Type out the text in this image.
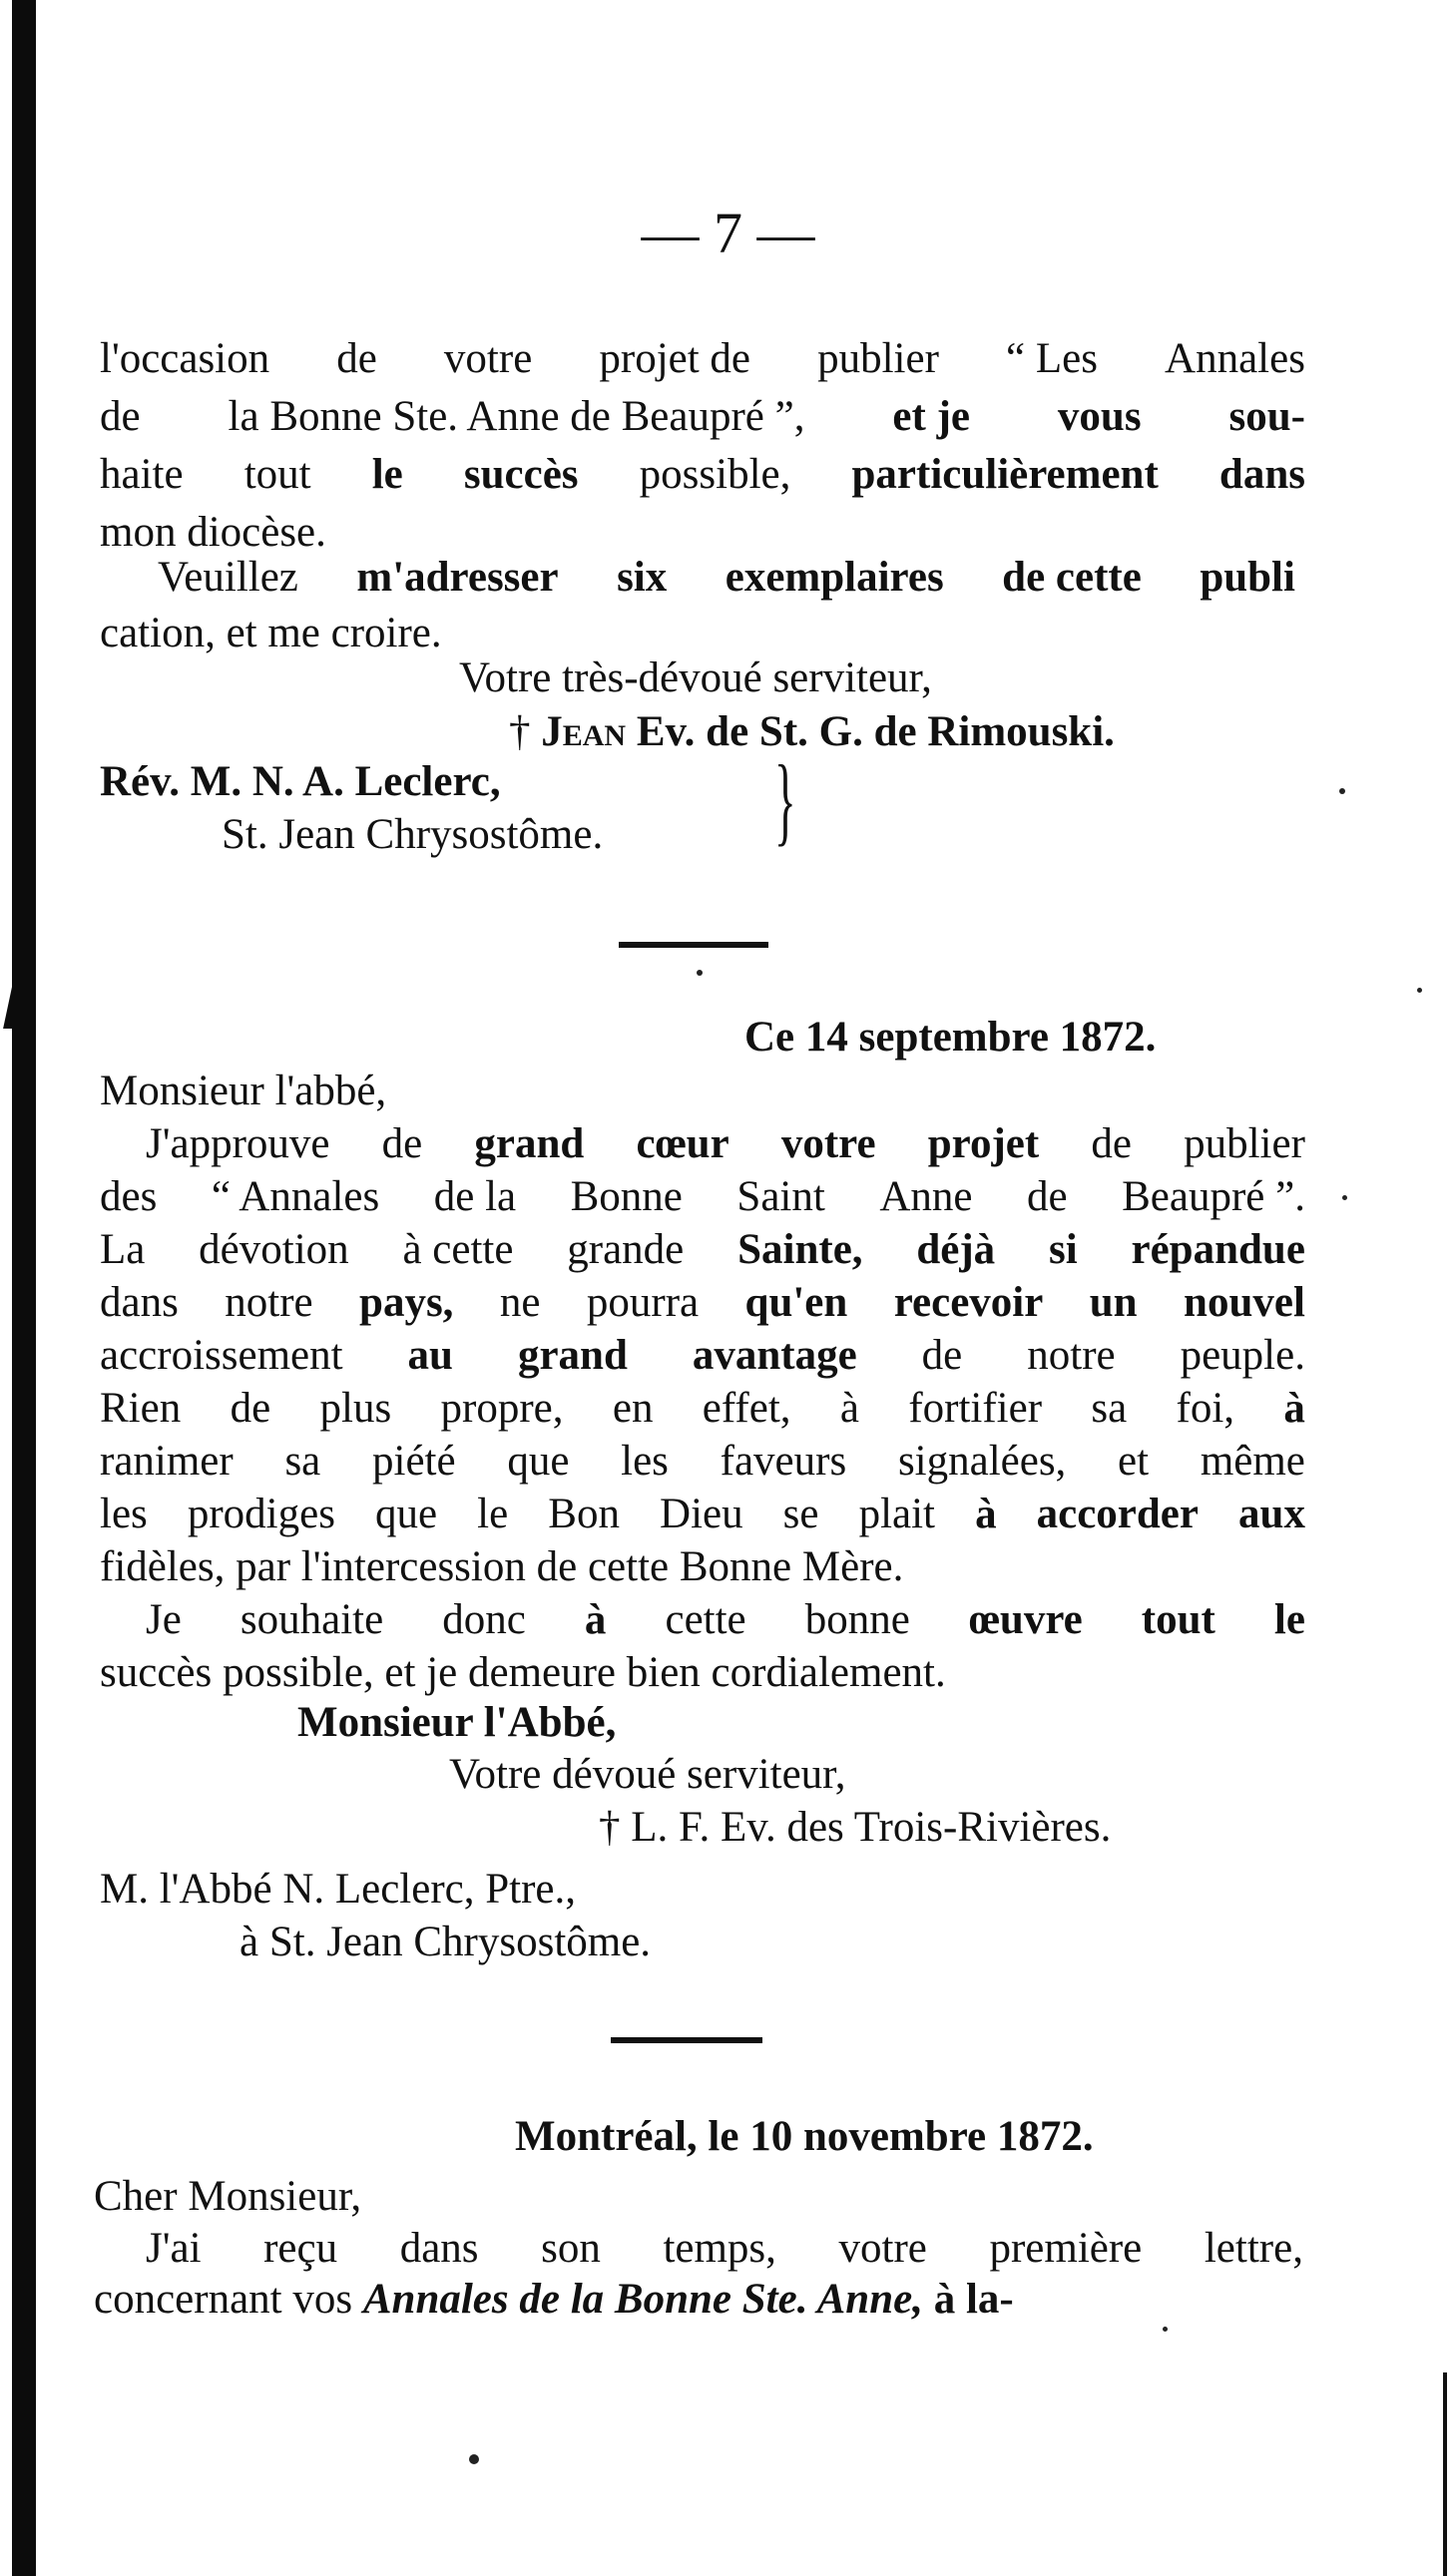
— 7 —
l'occasion de votre projet de publier “ Les Annales
de la Bonne Ste. Anne de Beaupré ”, et je vous sou-
haite tout le succès possible, particulièrement dans
mon diocèse.
Veuillez m'adresser six exemplaires de cette publi
cation, et me croire.
Votre très-dévoué serviteur,
† Jean Ev. de St. G. de Rimouski.
Rév. M. N. A. Leclerc,
St. Jean Chrysostôme. }
Ce 14 septembre 1872.
Monsieur l'abbé,
J'approuve de grand cœur votre projet de publier
des “ Annales de la Bonne Saint Anne de Beaupré ”.
La dévotion à cette grande Sainte, déjà si répandue
dans notre pays, ne pourra qu'en recevoir un nouvel
accroissement au grand avantage de notre peuple.
Rien de plus propre, en effet, à fortifier sa foi, à
ranimer sa piété que les faveurs signalées, et même
les prodiges que le Bon Dieu se plait à accorder aux
fidèles, par l'intercession de cette Bonne Mère.
Je souhaite donc à cette bonne œuvre tout le
succès possible, et je demeure bien cordialement.
Monsieur l'Abbé,
Votre dévoué serviteur,
† L. F. Ev. des Trois-Rivières.
M. l'Abbé N. Leclerc, Ptre.,
à St. Jean Chrysostôme.
Montréal, le 10 novembre 1872.
Cher Monsieur,
J'ai reçu dans son temps, votre première lettre,
concernant vos Annales de la Bonne Ste. Anne, à la-
